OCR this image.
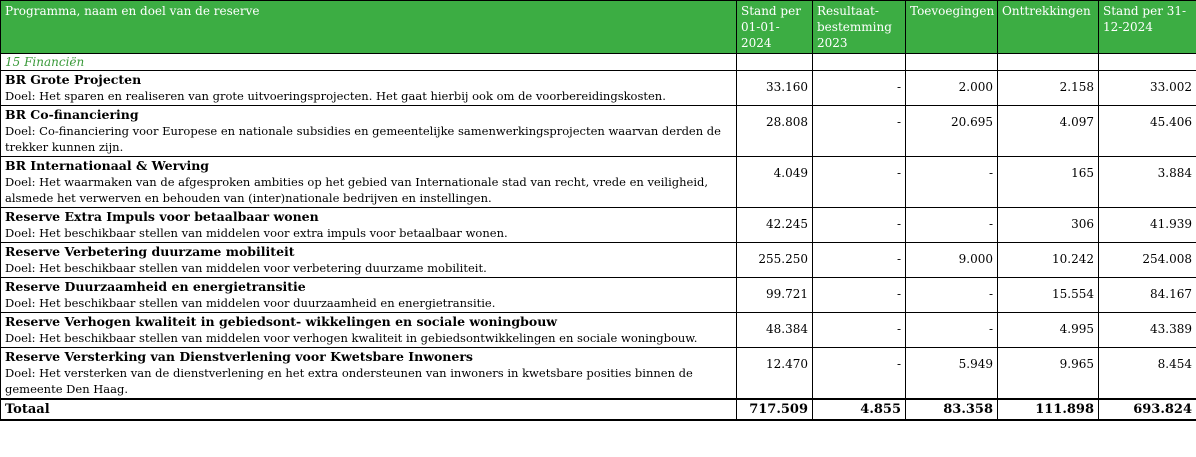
Programma, naam en doel van de reserve	Stand per 01-01-2024	Resultaat-bestemming 2023	Toevoegingen	Onttrekkingen	Stand per 31-12-2024
15 Financiën					

BR Grote Projecten
Doel: Het sparen en realiseren van grote uitvoeringsprojecten. Het gaat hierbij ook om de voorbereidingskosten.	33.160	-	2.000	2.158	33.002

BR Co-financiering
Doel: Co-financiering voor Europese en nationale subsidies en gemeentelijke samenwerkingsprojecten waarvan derden de trekker kunnen zijn.	28.808	-	20.695	4.097	45.406

BR Internationaal & Werving
Doel: Het waarmaken van de afgesproken ambities op het gebied van Internationale stad van recht, vrede en veiligheid, alsmede het verwerven en behouden van (inter)nationale bedrijven en instellingen.	4.049	-	-	165	3.884

Reserve Extra Impuls voor betaalbaar wonen
Doel: Het beschikbaar stellen van middelen voor extra impuls voor betaalbaar wonen.	42.245	-	-	306	41.939

Reserve Verbetering duurzame mobiliteit
Doel: Het beschikbaar stellen van middelen voor verbetering duurzame mobiliteit.	255.250	-	9.000	10.242	254.008

Reserve Duurzaamheid en energietransitie
Doel: Het beschikbaar stellen van middelen voor duurzaamheid en energietransitie.	99.721	-	-	15.554	84.167

Reserve Verhogen kwaliteit in gebiedsont- wikkelingen en sociale woningbouw
Doel: Het beschikbaar stellen van middelen voor verhogen kwaliteit in gebiedsontwikkelingen en sociale woningbouw.	48.384	-	-	4.995	43.389

Reserve Versterking van Dienstverlening voor Kwetsbare Inwoners
Doel: Het versterken van de dienstverlening en het extra ondersteunen van inwoners in kwetsbare posities binnen de gemeente Den Haag.	12.470	-	5.949	9.965	8.454
Totaal	717.509	4.855	83.358	111.898	693.824
